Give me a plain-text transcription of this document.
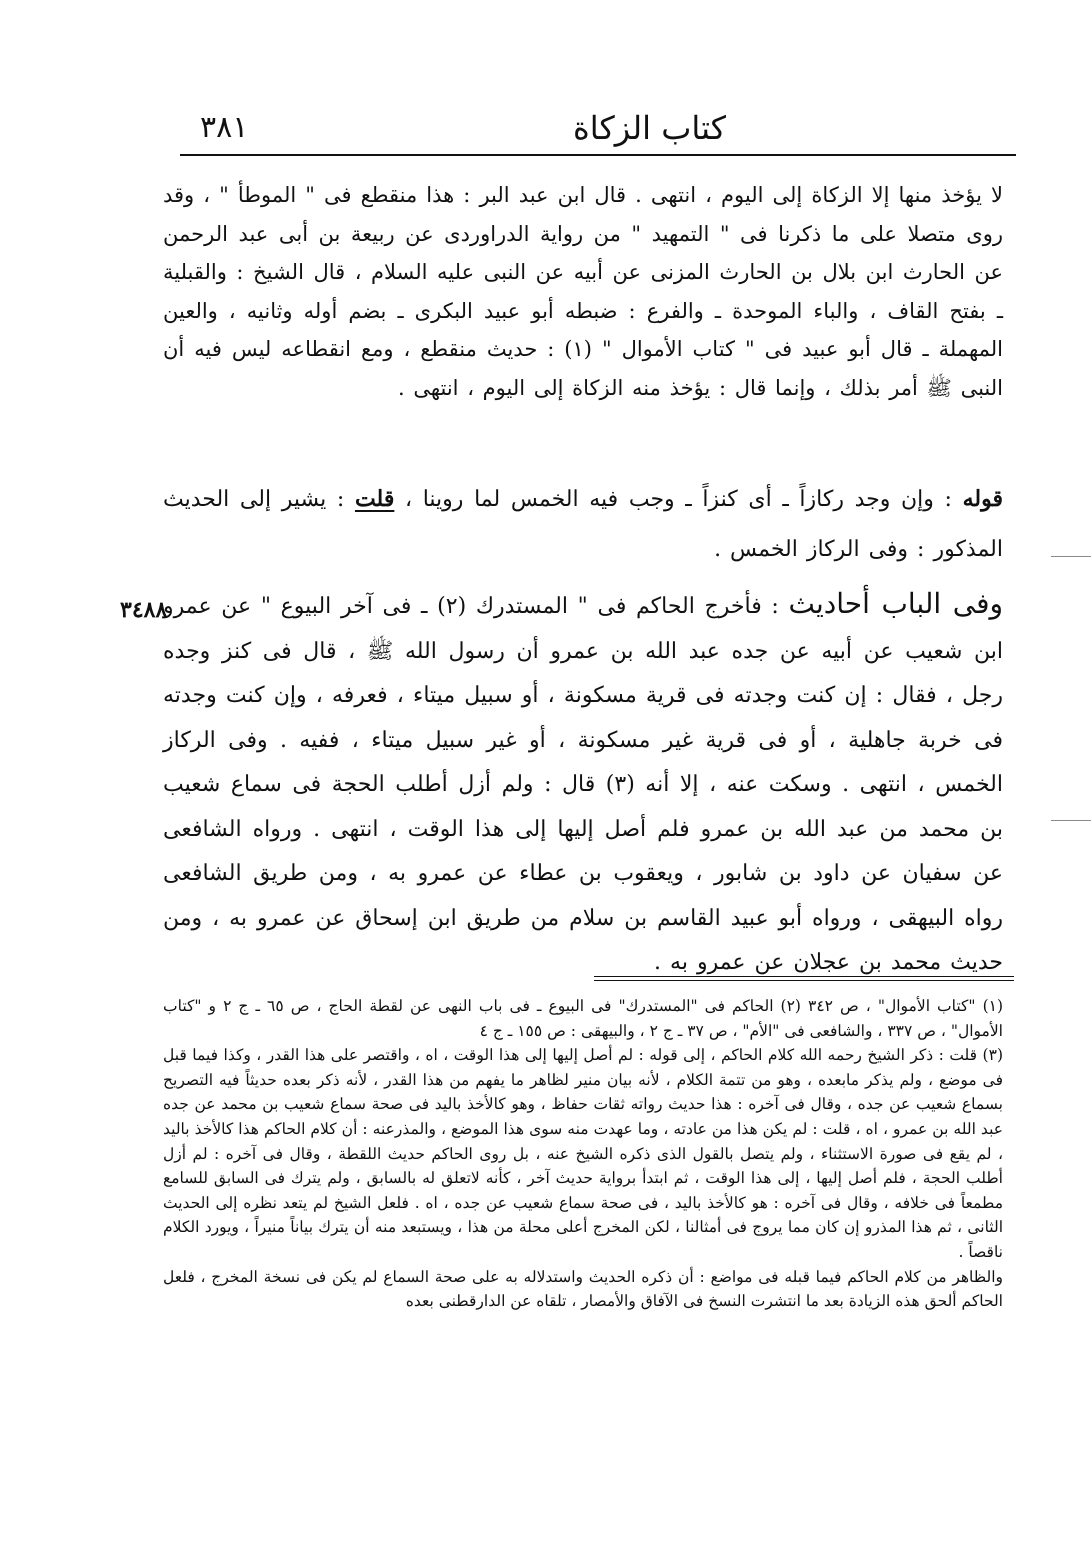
كتاب الزكاة
٣٨١
لا يؤخذ منها إلا الزكاة إلى اليوم ، انتهى . قال ابن عبد البر : هذا منقطع فى " الموطأ " ، وقد روى متصلا على ما ذكرنا فى " التمهيد " من رواية الدراوردى عن ربيعة بن أبى عبد الرحمن عن الحارث ابن بلال بن الحارث المزنى عن أبيه عن النبى عليه السلام ، قال الشيخ : والقبلية ـ بفتح القاف ، والباء الموحدة ـ والفرع : ضبطه أبو عبيد البكرى ـ بضم أوله وثانيه ، والعين المهملة ـ قال أبو عبيد فى " كتاب الأموال " (١) : حديث منقطع ، ومع انقطاعه ليس فيه أن النبى ﷺ أمر بذلك ، وإنما قال : يؤخذ منه الزكاة إلى اليوم ، انتهى .
قوله : وإن وجد ركازاً ـ أى كنزاً ـ وجب فيه الخمس لما روينا ، قلت : يشير إلى الحديث المذكور : وفى الركاز الخمس .
وفى الباب أحاديث : فأخرج الحاكم فى " المستدرك (٢) ـ فى آخر البيوع " عن عمرو ابن شعيب عن أبيه عن جده عبد الله بن عمرو أن رسول الله ﷺ ، قال فى كنز وجده رجل ، فقال : إن كنت وجدته فى قرية مسكونة ، أو سبيل ميتاء ، فعرفه ، وإن كنت وجدته فى خربة جاهلية ، أو فى قرية غير مسكونة ، أو غير سبيل ميتاء ، ففيه . وفى الركاز الخمس ، انتهى . وسكت عنه ، إلا أنه (٣) قال : ولم أزل أطلب الحجة فى سماع شعيب بن محمد من عبد الله بن عمرو فلم أصل إليها إلى هذا الوقت ، انتهى . ورواه الشافعى عن سفيان عن داود بن شابور ، ويعقوب بن عطاء عن عمرو به ، ومن طريق الشافعى رواه البيهقى ، ورواه أبو عبيد القاسم بن سلام من طريق ابن إسحاق عن عمرو به ، ومن حديث محمد بن عجلان عن عمرو به .
٣٤٨٨

(١) "كتاب الأموال" ، ص ٣٤٢ (٢) الحاكم فى "المستدرك" فى البيوع ـ فى باب النهى عن لقطة الحاج ، ص ٦٥ ـ ج ٢ و "كتاب الأموال" ، ص ٣٣٧ ، والشافعى فى "الأم" ، ص ٣٧ ـ ج ٢ ، والبيهقى : ص ١٥٥ ـ ج ٤

(٣) قلت : ذكر الشيخ رحمه الله كلام الحاكم ، إلى قوله : لم أصل إليها إلى هذا الوقت ، اه ، واقتصر على هذا القدر ، وكذا فيما قبل فى موضع ، ولم يذكر مابعده ، وهو من تتمة الكلام ، لأنه بيان منير لظاهر ما يفهم من هذا القدر ، لأنه ذكر بعده حديثاً فيه التصريح بسماع شعيب عن جده ، وقال فى آخره : هذا حديث رواته ثقات حفاظ ، وهو كالأخذ باليد فى صحة سماع شعيب بن محمد عن جده عبد الله بن عمرو ، اه ، قلت : لم يكن هذا من عادته ، وما عهدت منه سوى هذا الموضع ، والمذرعنه : أن كلام الحاكم هذا كالأخذ باليد ، لم يقع فى صورة الاستثناء ، ولم يتصل بالقول الذى ذكره الشيخ عنه ، بل روى الحاكم حديث اللقطة ، وقال فى آخره : لم أزل أطلب الحجة ، فلم أصل إليها ، إلى هذا الوقت ، ثم ابتدأ برواية حديث آخر ، كأنه لاتعلق له بالسابق ، ولم يترك فى السابق للسامع مطمعاً فى خلافه ، وقال فى آخره : هو كالأخذ باليد ، فى صحة سماع شعيب عن جده ، اه . فلعل الشيخ لم يتعد نظره إلى الحديث الثانى ، ثم هذا المذرو إن كان مما يروج فى أمثالنا ، لكن المخرج أعلى محلة من هذا ، ويستبعد منه أن يترك بياناً منيراً ، ويورد الكلام ناقصاً .

والظاهر من كلام الحاكم فيما قبله فى مواضع : أن ذكره الحديث واستدلاله به على صحة السماع لم يكن فى نسخة المخرج ، فلعل الحاكم ألحق هذه الزيادة بعد ما انتشرت النسخ فى الآفاق والأمصار ، تلقاه عن الدارقطنى بعده
